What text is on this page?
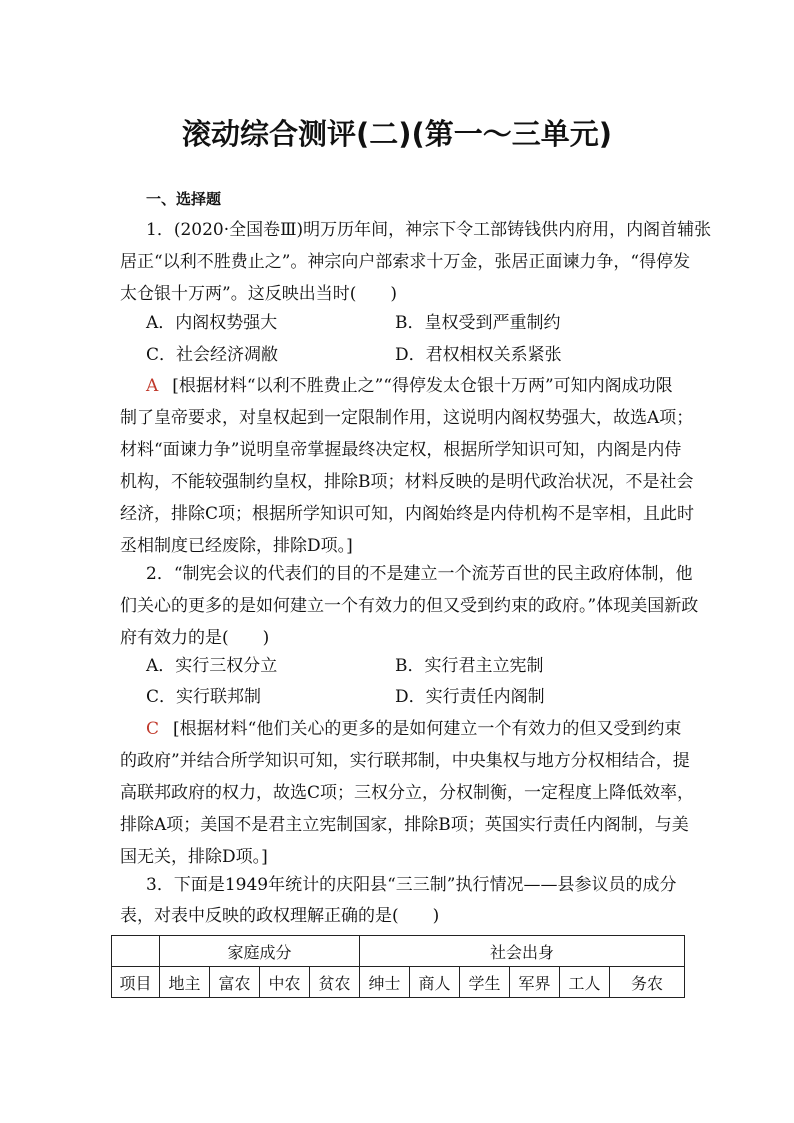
滚动综合测评(二)(第一～三单元)
一、选择题
1．(2020·全国卷Ⅲ)明万历年间，神宗下令工部铸钱供内府用，内阁首辅张
居正“以利不胜费止之”。神宗向户部索求十万金，张居正面谏力争，“得停发
太仓银十万两”。这反映出当时(　　)
A．内阁权势强大	B．皇权受到严重制约
C．社会经济凋敝	D．君权相权关系紧张
A [根据材料“以利不胜费止之”“得停发太仓银十万两”可知内阁成功限
制了皇帝要求，对皇权起到一定限制作用，这说明内阁权势强大，故选A项；
材料“面谏力争”说明皇帝掌握最终决定权，根据所学知识可知，内阁是内侍
机构，不能较强制约皇权，排除B项；材料反映的是明代政治状况，不是社会
经济，排除C项；根据所学知识可知，内阁始终是内侍机构不是宰相，且此时
丞相制度已经废除，排除D项。]
2．“制宪会议的代表们的目的不是建立一个流芳百世的民主政府体制，他
们关心的更多的是如何建立一个有效力的但又受到约束的政府。”体现美国新政
府有效力的是(　　)
A．实行三权分立	B．实行君主立宪制
C．实行联邦制	D．实行责任内阁制
C [根据材料“他们关心的更多的是如何建立一个有效力的但又受到约束
的政府”并结合所学知识可知，实行联邦制，中央集权与地方分权相结合，提
高联邦政府的权力，故选C项；三权分立，分权制衡，一定程度上降低效率，
排除A项；美国不是君主立宪制国家，排除B项；英国实行责任内阁制，与美
国无关，排除D项。]
3．下面是1949年统计的庆阳县“三三制”执行情况——县参议员的成分
表，对表中反映的政权理解正确的是(　　)
	家庭成分				社会出身					
项目	地主	富农	中农	贫农	绅士	商人	学生	军界	工人	务农
